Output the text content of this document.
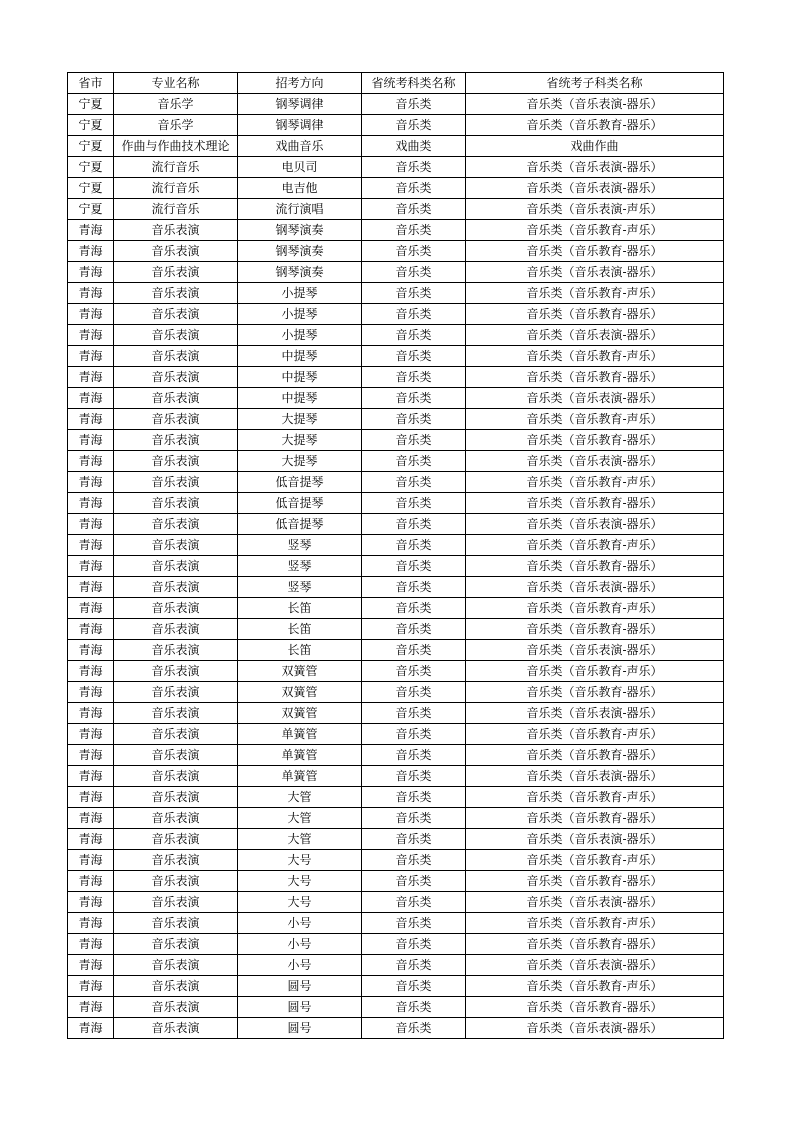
省市	专业名称	招考方向	省统考科类名称	省统考子科类名称
宁夏	音乐学	钢琴调律	音乐类	音乐类（音乐表演-器乐）
宁夏	音乐学	钢琴调律	音乐类	音乐类（音乐教育-器乐）
宁夏	作曲与作曲技术理论	戏曲音乐	戏曲类	戏曲作曲
宁夏	流行音乐	电贝司	音乐类	音乐类（音乐表演-器乐）
宁夏	流行音乐	电吉他	音乐类	音乐类（音乐表演-器乐）
宁夏	流行音乐	流行演唱	音乐类	音乐类（音乐表演-声乐）
青海	音乐表演	钢琴演奏	音乐类	音乐类（音乐教育-声乐）
青海	音乐表演	钢琴演奏	音乐类	音乐类（音乐教育-器乐）
青海	音乐表演	钢琴演奏	音乐类	音乐类（音乐表演-器乐）
青海	音乐表演	小提琴	音乐类	音乐类（音乐教育-声乐）
青海	音乐表演	小提琴	音乐类	音乐类（音乐教育-器乐）
青海	音乐表演	小提琴	音乐类	音乐类（音乐表演-器乐）
青海	音乐表演	中提琴	音乐类	音乐类（音乐教育-声乐）
青海	音乐表演	中提琴	音乐类	音乐类（音乐教育-器乐）
青海	音乐表演	中提琴	音乐类	音乐类（音乐表演-器乐）
青海	音乐表演	大提琴	音乐类	音乐类（音乐教育-声乐）
青海	音乐表演	大提琴	音乐类	音乐类（音乐教育-器乐）
青海	音乐表演	大提琴	音乐类	音乐类（音乐表演-器乐）
青海	音乐表演	低音提琴	音乐类	音乐类（音乐教育-声乐）
青海	音乐表演	低音提琴	音乐类	音乐类（音乐教育-器乐）
青海	音乐表演	低音提琴	音乐类	音乐类（音乐表演-器乐）
青海	音乐表演	竖琴	音乐类	音乐类（音乐教育-声乐）
青海	音乐表演	竖琴	音乐类	音乐类（音乐教育-器乐）
青海	音乐表演	竖琴	音乐类	音乐类（音乐表演-器乐）
青海	音乐表演	长笛	音乐类	音乐类（音乐教育-声乐）
青海	音乐表演	长笛	音乐类	音乐类（音乐教育-器乐）
青海	音乐表演	长笛	音乐类	音乐类（音乐表演-器乐）
青海	音乐表演	双簧管	音乐类	音乐类（音乐教育-声乐）
青海	音乐表演	双簧管	音乐类	音乐类（音乐教育-器乐）
青海	音乐表演	双簧管	音乐类	音乐类（音乐表演-器乐）
青海	音乐表演	单簧管	音乐类	音乐类（音乐教育-声乐）
青海	音乐表演	单簧管	音乐类	音乐类（音乐教育-器乐）
青海	音乐表演	单簧管	音乐类	音乐类（音乐表演-器乐）
青海	音乐表演	大管	音乐类	音乐类（音乐教育-声乐）
青海	音乐表演	大管	音乐类	音乐类（音乐教育-器乐）
青海	音乐表演	大管	音乐类	音乐类（音乐表演-器乐）
青海	音乐表演	大号	音乐类	音乐类（音乐教育-声乐）
青海	音乐表演	大号	音乐类	音乐类（音乐教育-器乐）
青海	音乐表演	大号	音乐类	音乐类（音乐表演-器乐）
青海	音乐表演	小号	音乐类	音乐类（音乐教育-声乐）
青海	音乐表演	小号	音乐类	音乐类（音乐教育-器乐）
青海	音乐表演	小号	音乐类	音乐类（音乐表演-器乐）
青海	音乐表演	圆号	音乐类	音乐类（音乐教育-声乐）
青海	音乐表演	圆号	音乐类	音乐类（音乐教育-器乐）
青海	音乐表演	圆号	音乐类	音乐类（音乐表演-器乐）
